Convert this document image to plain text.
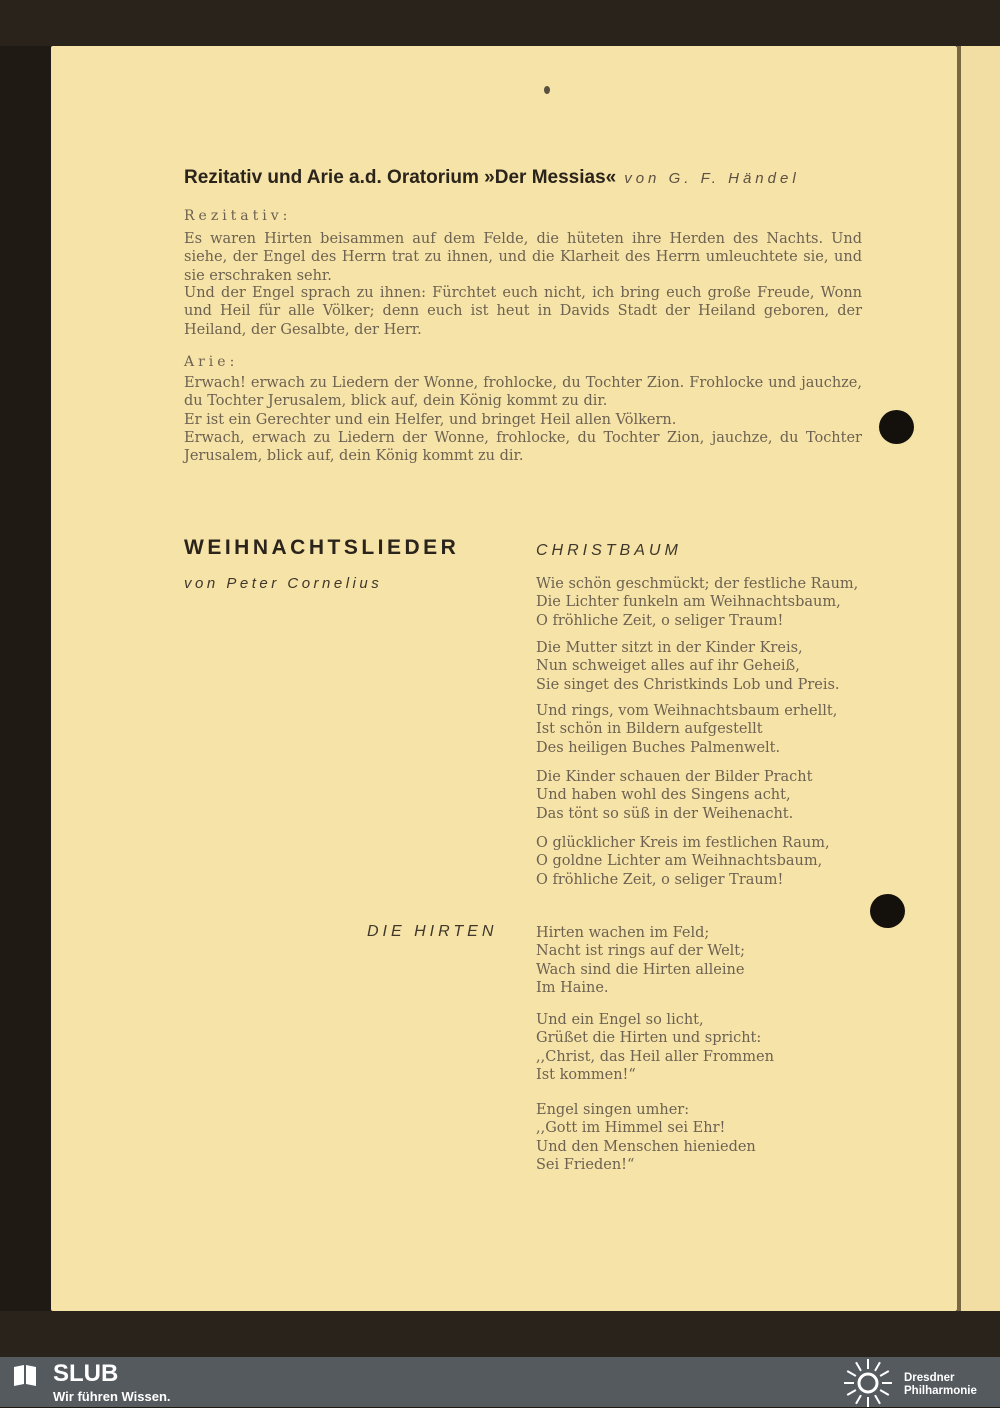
Rezitativ und Arie a.d. Oratorium »Der Messias« von G. F. Händel

Rezitativ:

Es waren Hirten beisammen auf dem Felde, die hüteten ihre Herden des Nachts. Und siehe, der Engel des Herrn trat zu ihnen, und die Klarheit des Herrn umleuchtete sie, und sie erschraken sehr.

Und der Engel sprach zu ihnen: Fürchtet euch nicht, ich bring euch große Freude, Wonn und Heil für alle Völker; denn euch ist heut in Davids Stadt der Heiland geboren, der Heiland, der Gesalbte, der Herr.

Arie:

Erwach! erwach zu Liedern der Wonne, frohlocke, du Tochter Zion. Frohlocke und jauchze, du Tochter Jerusalem, blick auf, dein König kommt zu dir.

Er ist ein Gerechter und ein Helfer, und bringet Heil allen Völkern.

Erwach, erwach zu Liedern der Wonne, frohlocke, du Tochter Zion, jauchze, du Tochter Jerusalem, blick auf, dein König kommt zu dir.

WEIHNACHTSLIEDER

von Peter Cornelius

CHRISTBAUM

Wie schön geschmückt; der festliche Raum,
Die Lichter funkeln am Weihnachtsbaum,
O fröhliche Zeit, o seliger Traum!
Die Mutter sitzt in der Kinder Kreis,
Nun schweiget alles auf ihr Geheiß,
Sie singet des Christkinds Lob und Preis.
Und rings, vom Weihnachtsbaum erhellt,
Ist schön in Bildern aufgestellt
Des heiligen Buches Palmenwelt.
Die Kinder schauen der Bilder Pracht
Und haben wohl des Singens acht,
Das tönt so süß in der Weihenacht.
O glücklicher Kreis im festlichen Raum,
O goldne Lichter am Weihnachtsbaum,
O fröhliche Zeit, o seliger Traum!

DIE HIRTEN	Hirten wachen im Feld;
Nacht ist rings auf der Welt;
Wach sind die Hirten alleine
Im Haine.
Und ein Engel so licht,
Grüßet die Hirten und spricht:
,,Christ, das Heil aller Frommen
Ist kommen!“
Engel singen umher:
,,Gott im Himmel sei Ehr!
Und den Menschen hienieden
Sei Frieden!“
SLUB
Wir führen Wissen.
Dresdner
Philharmonie
